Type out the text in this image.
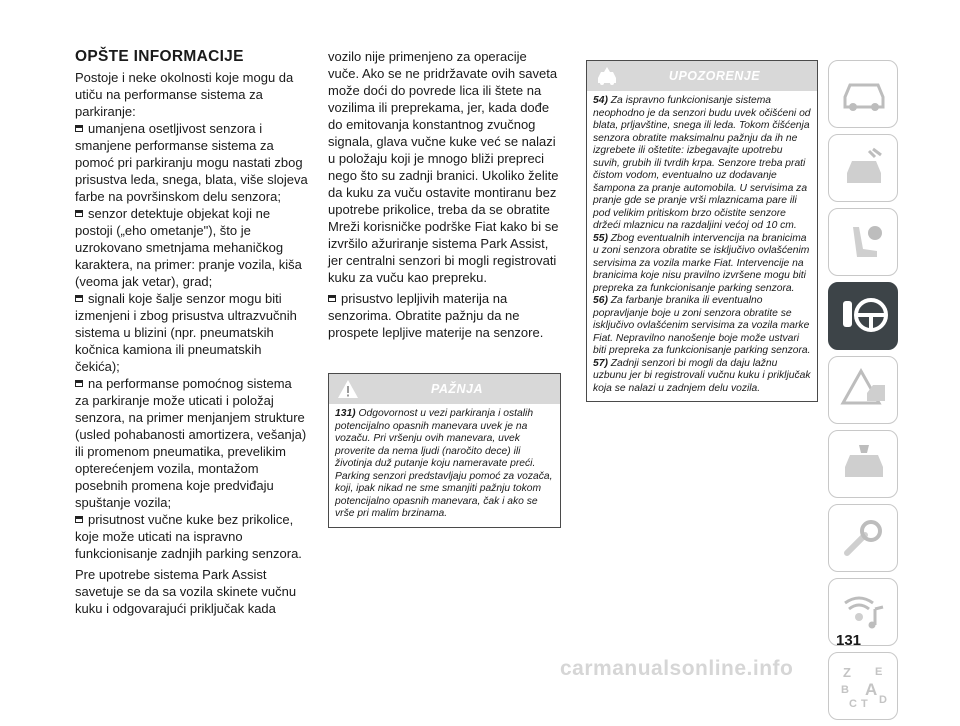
OPŠTE INFORMACIJE

Postoje i neke okolnosti koje mogu da utiču na performanse sistema za parkiranje:

umanjena osetljivost senzora i smanjene performanse sistema za pomoć pri parkiranju mogu nastati zbog prisustva leda, snega, blata, više slojeva farbe na površinskom delu senzora;

senzor detektuje objekat koji ne postoji („eho ometanje"), što je uzrokovano smetnjama mehaničkog karaktera, na primer: pranje vozila, kiša (veoma jak vetar), grad;

signali koje šalje senzor mogu biti izmenjeni i zbog prisustva ultrazvučnih sistema u blizini (npr. pneumatskih kočnica kamiona ili pneumatskih čekića);

na performanse pomoćnog sistema za parkiranje može uticati i položaj senzora, na primer menjanjem strukture (usled pohabanosti amortizera, vešanja) ili promenom pneumatika, prevelikim opterećenjem vozila, montažom posebnih promena koje predviđaju spuštanje vozila;

prisutnost vučne kuke bez prikolice, koje može uticati na ispravno funkcionisanje zadnjih parking senzora.

Pre upotrebe sistema Park Assist savetuje se da sa vozila skinete vučnu kuku i odgovarajući priključak kada

vozilo nije primenjeno za operacije vuče. Ako se ne pridržavate ovih saveta može doći do povrede lica ili štete na vozilima ili preprekama, jer, kada dođe do emitovanja konstantnog zvučnog signala, glava vučne kuke već se nalazi u položaju koji je mnogo bliži prepreci nego što su zadnji branici. Ukoliko želite da kuku za vuču ostavite montiranu bez upotrebe prikolice, treba da se obratite Mreži korisničke podrške Fiat kako bi se izvršilo ažuriranje sistema Park Assist, jer centralni senzori bi mogli registrovati kuku za vuču kao prepreku.

prisustvo lepljivih materija na senzorima. Obratite pažnju da ne prospete lepljive materije na senzore.

PAŽNJA

131) Odgovornost u vezi parkiranja i ostalih potencijalno opasnih manevara uvek je na vozaču. Pri vršenju ovih manevara, uvek proverite da nema ljudi (naročito dece) ili životinja duž putanje koju nameravate preći. Parking senzori predstavljaju pomoć za vozača, koji, ipak nikad ne sme smanjiti pažnju tokom potencijalno opasnih manevara, čak i ako se vrše pri malim brzinama.

UPOZORENJE

54) Za ispravno funkcionisanje sistema neophodno je da senzori budu uvek očišćeni od blata, prljavštine, snega ili leda. Tokom čišćenja senzora obratite maksimalnu pažnju da ih ne izgrebete ili oštetite: izbegavajte upotrebu suvih, grubih ili tvrdih krpa. Senzore treba prati čistom vodom, eventualno uz dodavanje šampona za pranje automobila. U servisima za pranje gde se pranje vrši mlaznicama pare ili pod velikim pritiskom brzo očistite senzore držeći mlaznicu na razdaljini većoj od 10 cm.

55) Zbog eventualnih intervencija na branicima u zoni senzora obratite se isključivo ovlašćenim servisima za vozila marke Fiat. Intervencije na branicima koje nisu pravilno izvršene mogu biti prepreka za funkcionisanje parking senzora.

56) Za farbanje branika ili eventualno popravljanje boje u zoni senzora obratite se isključivo ovlašćenim servisima za vozila marke Fiat. Nepravilno nanošenje boje može ustvari biti prepreka za funkcionisanje parking senzora.

57) Zadnji senzori bi mogli da daju lažnu uzbunu jer bi registrovali vučnu kuku i priključak koja se nalazi u zadnjem delu vozila.

Z E
B A
C T D
131
carmanualsonline.info
